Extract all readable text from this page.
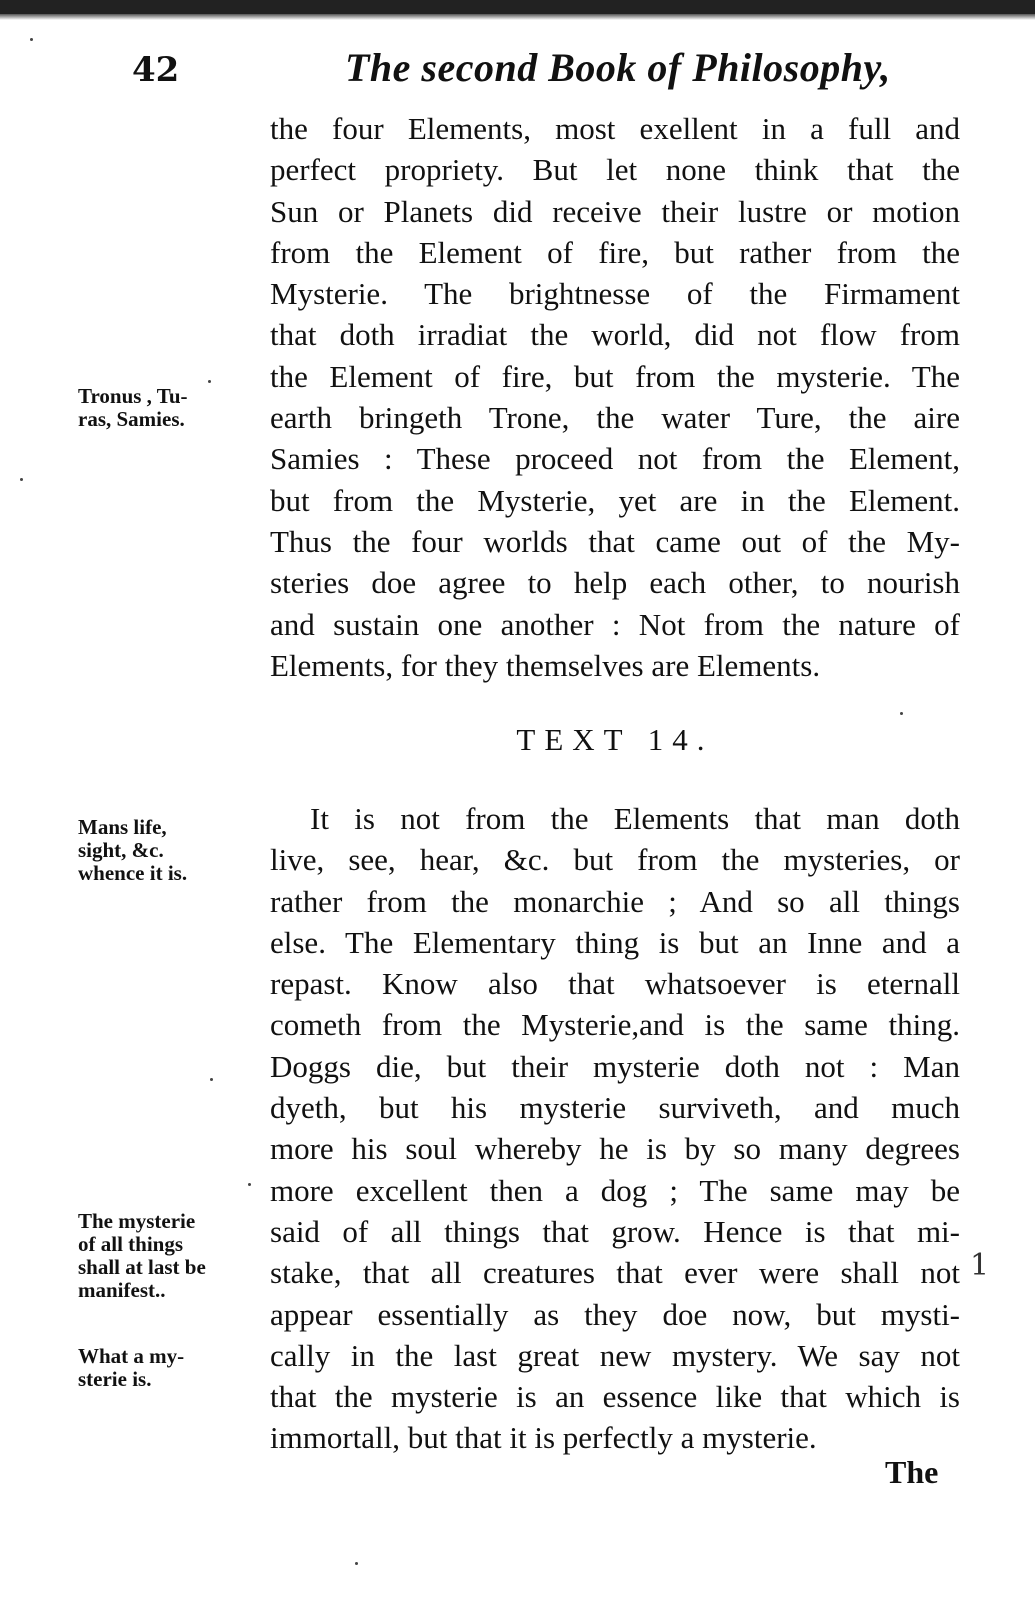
42	The second Book of Philosophy,
the four Elements, most exellent in a full and
perfect propriety. But let none think that the
Sun or Planets did receive their lustre or motion
from the Element of fire, but rather from the
Mysterie. The brightnesse of the Firmament
that doth irradiat the world, did not flow from
the Element of fire, but from the mysterie. The
earth bringeth Trone, the water Ture, the aire
Samies : These proceed not from the Element,
but from the Mysterie, yet are in the Element.
Thus the four worlds that came out of the My-
steries doe agree to help each other, to nourish
and sustain one another : Not from the nature of
Elements, for they themselves are Elements.
TEXT 14.
It is not from the Elements that man doth
live, see, hear, &c. but from the mysteries, or
rather from the monarchie ; And so all things
else. The Elementary thing is but an Inne and a
repast. Know also that whatsoever is eternall
cometh from the Mysterie,and is the same thing.
Doggs die, but their mysterie doth not : Man
dyeth, but his mysterie surviveth, and much
more his soul whereby he is by so many degrees
more excellent then a dog ; The same may be
said of all things that grow. Hence is that mi-
stake, that all creatures that ever were shall not
appear essentially as they doe now, but mysti-
cally in the last great new mystery. We say not
that the mysterie is an essence like that which is
immortall, but that it is perfectly a mysterie.
Tronus , Tu-
ras, Samies.
Mans life,
sight, &c.
whence it is.
The mysterie
of all things
shall at last be
manifest..
What a my-
sterie is.
The
1
